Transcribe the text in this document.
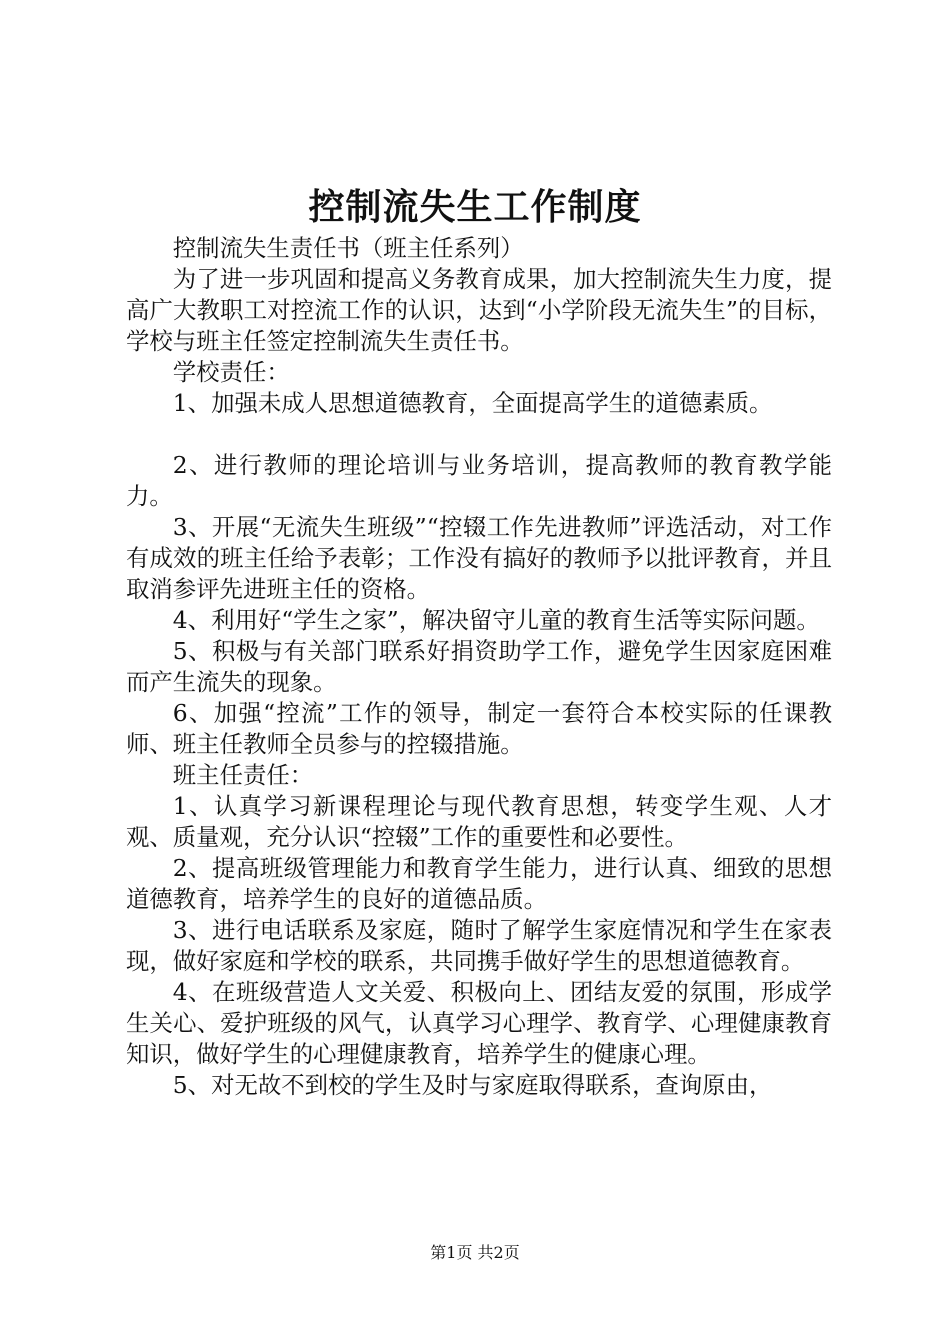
控制流失生工作制度

控制流失生责任书（班主任系列）

为了进一步巩固和提高义务教育成果，加大控制流失生力度，提高广大教职工对控流工作的认识，达到“小学阶段无流失生”的目标，学校与班主任签定控制流失生责任书。

学校责任：

1、加强未成人思想道德教育，全面提高学生的道德素质。

2、进行教师的理论培训与业务培训，提高教师的教育教学能力。

3、开展“无流失生班级”“控辍工作先进教师”评选活动，对工作有成效的班主任给予表彰；工作没有搞好的教师予以批评教育，并且取消参评先进班主任的资格。

4、利用好“学生之家”，解决留守儿童的教育生活等实际问题。

5、积极与有关部门联系好捐资助学工作，避免学生因家庭困难而产生流失的现象。

6、加强“控流”工作的领导，制定一套符合本校实际的任课教师、班主任教师全员参与的控辍措施。

班主任责任：

1、认真学习新课程理论与现代教育思想，转变学生观、人才观、质量观，充分认识“控辍”工作的重要性和必要性。

2、提高班级管理能力和教育学生能力，进行认真、细致的思想道德教育，培养学生的良好的道德品质。

3、进行电话联系及家庭，随时了解学生家庭情况和学生在家表现，做好家庭和学校的联系，共同携手做好学生的思想道德教育。

4、在班级营造人文关爱、积极向上、团结友爱的氛围，形成学生关心、爱护班级的风气，认真学习心理学、教育学、心理健康教育知识，做好学生的心理健康教育，培养学生的健康心理。

5、对无故不到校的学生及时与家庭取得联系，查询原由，

第1页 共2页
